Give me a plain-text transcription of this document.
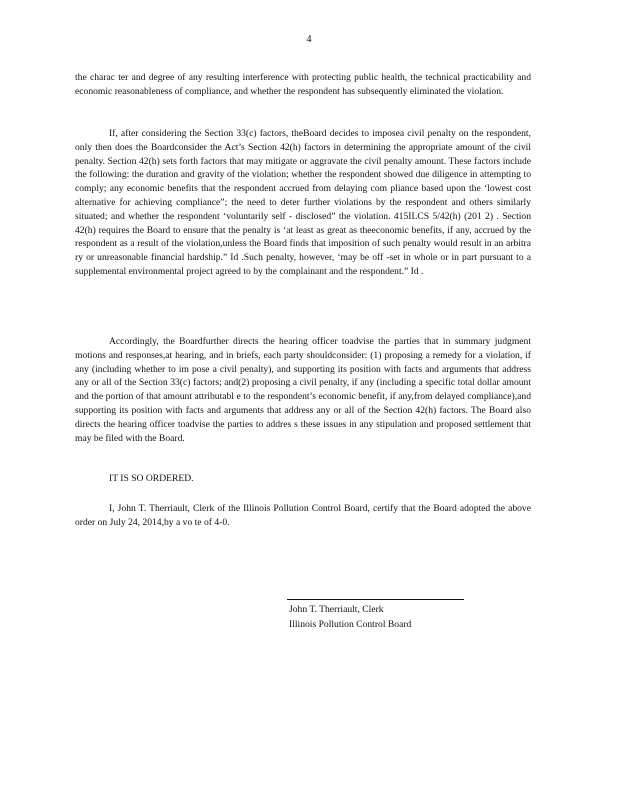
4

the charac ter and degree of any resulting interference with protecting public health, the technical practicability and economic reasonableness of compliance, and whether the respondent has subsequently eliminated the violation.

If, after considering the Section 33(c) factors, theBoard decides to imposea civil penalty on the respondent, only then does the Boardconsider the Act’s Section 42(h) factors in determining the appropriate amount of the civil penalty. Section 42(h) sets forth factors that may mitigate or aggravate the civil penalty amount. These factors include the following: the duration and gravity of the violation; whether the respondent showed due diligence in attempting to comply; any economic benefits that the respondent accrued from delaying com pliance based upon the ‘lowest cost alternative for achieving compliance”; the need to deter further violations by the respondent and others similarly situated; and whether the respondent ‘voluntarily self - disclosed” the violation. 415ILCS 5/42(h) (201 2) . Section 42(h) requires the Board to ensure that the penalty is ‘at least as great as theeconomic benefits, if any, accrued by the respondent as a result of the violation,unless the Board finds that imposition of such penalty would result in an arbitra ry or unreasonable financial hardship.” Id .Such penalty, however, ‘may be off -set in whole or in part pursuant to a supplemental environmental project agreed to by the complainant and the respondent.” Id .

Accordingly, the Boardfurther directs the hearing officer toadvise the parties that in summary judgment motions and responses,at hearing, and in briefs, each party shouldconsider: (1) proposing a remedy for a violation, if any (including whether to im pose a civil penalty), and supporting its position with facts and arguments that address any or all of the Section 33(c) factors; and(2) proposing a civil penalty, if any (including a specific total dollar amount and the portion of that amount attributabl e to the respondent’s economic benefit, if any,from delayed compliance),and supporting its position with facts and arguments that address any or all of the Section 42(h) factors. The Board also directs the hearing officer toadvise the parties to addres s these issues in any stipulation and proposed settlement that may be filed with the Board.

IT IS SO ORDERED.

I, John T. Therriault, Clerk of the Illinois Pollution Control Board, certify that the Board adopted the above order on July 24, 2014,by a vo te of 4-0.

John T. Therriault, Clerk
Illinois Pollution Control Board
